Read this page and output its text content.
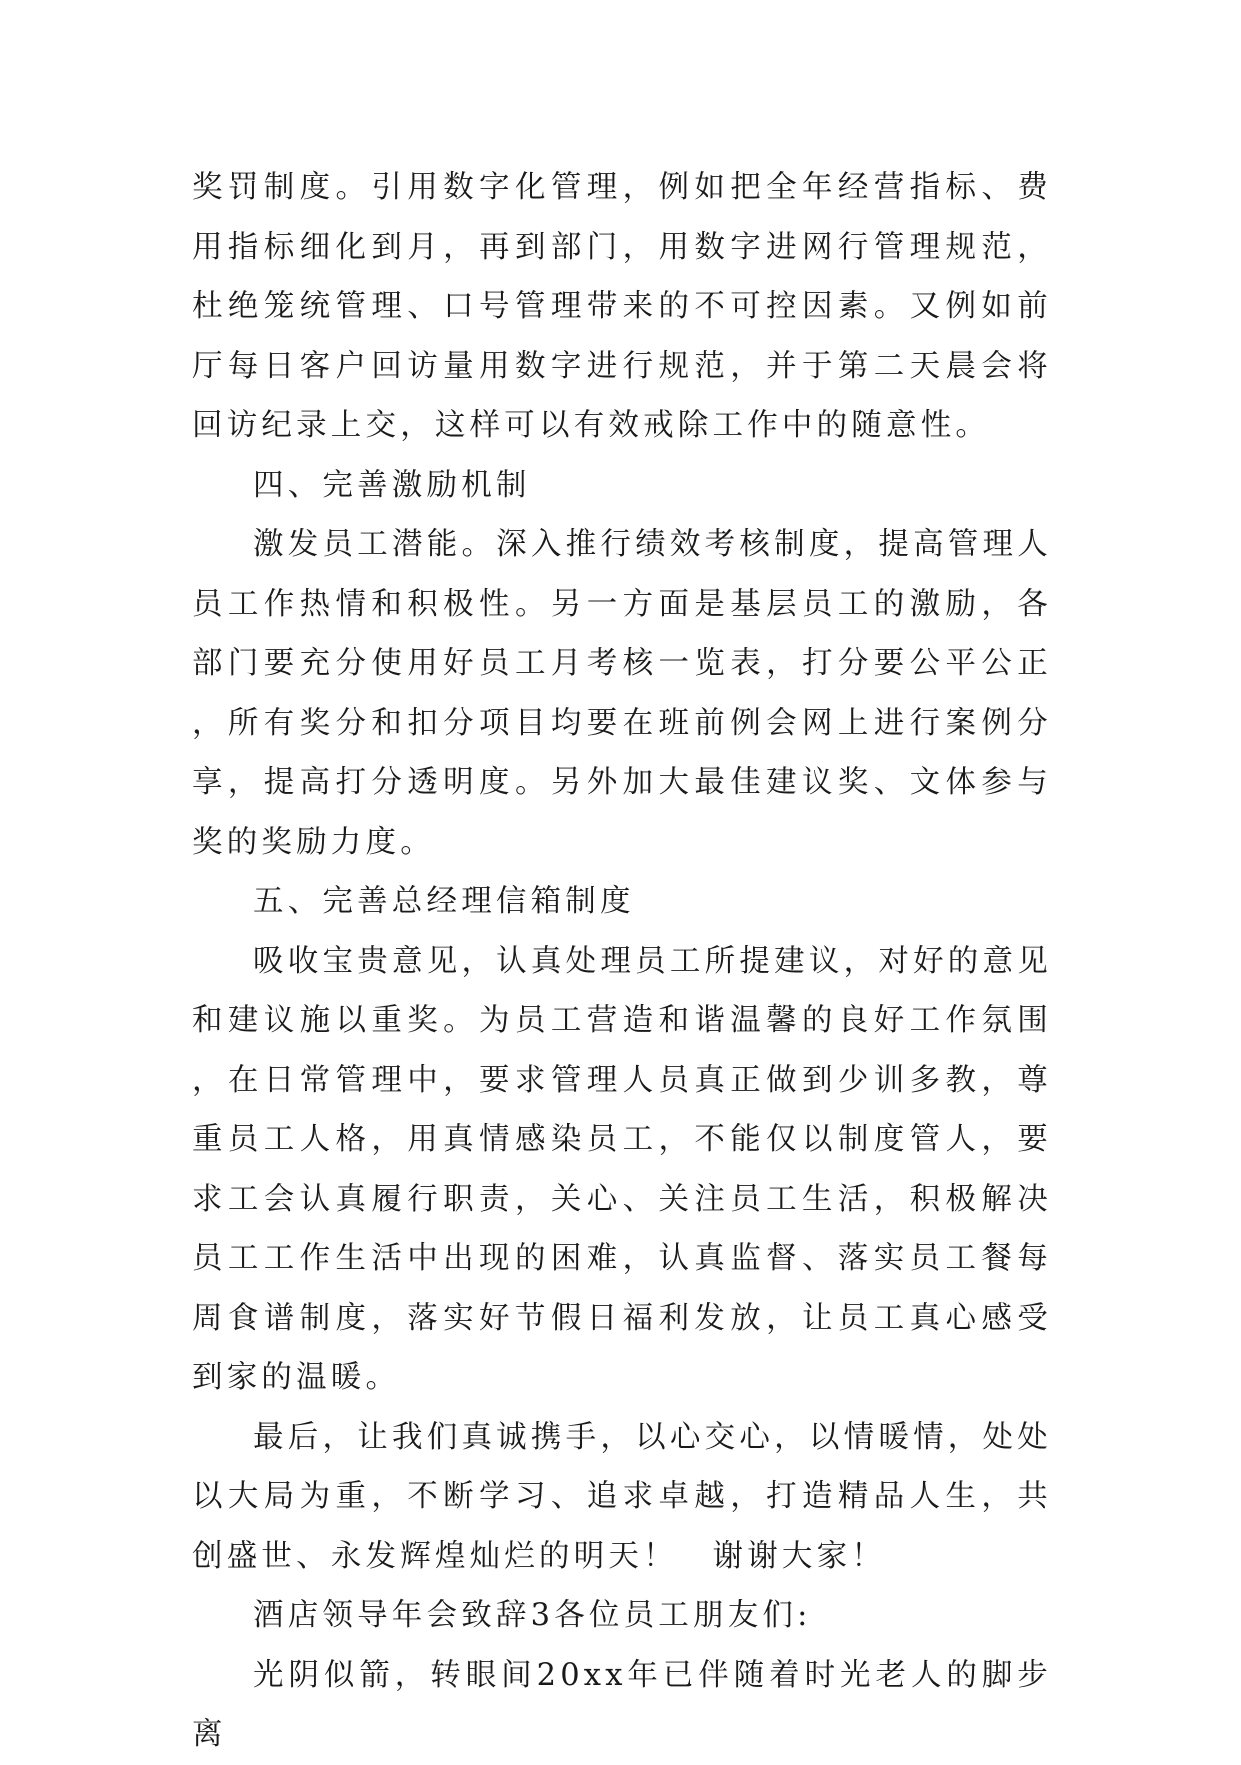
奖罚制度。引用数字化管理，例如把全年经营指标、费用指标细化到月，再到部门，用数字进网行管理规范，杜绝笼统管理、口号管理带来的不可控因素。又例如前厅每日客户回访量用数字进行规范，并于第二天晨会将回访纪录上交，这样可以有效戒除工作中的随意性。

四、完善激励机制

激发员工潜能。深入推行绩效考核制度，提高管理人员工作热情和积极性。另一方面是基层员工的激励，各部门要充分使用好员工月考核一览表，打分要公平公正，所有奖分和扣分项目均要在班前例会网上进行案例分享，提高打分透明度。另外加大最佳建议奖、文体参与奖的奖励力度。

五、完善总经理信箱制度

吸收宝贵意见，认真处理员工所提建议，对好的意见和建议施以重奖。为员工营造和谐温馨的良好工作氛围，在日常管理中，要求管理人员真正做到少训多教，尊重员工人格，用真情感染员工，不能仅以制度管人，要求工会认真履行职责，关心、关注员工生活，积极解决员工工作生活中出现的困难，认真监督、落实员工餐每周食谱制度，落实好节假日福利发放，让员工真心感受到家的温暖。

最后，让我们真诚携手，以心交心，以情暖情，处处以大局为重，不断学习、追求卓越，打造精品人生，共创盛世、永发辉煌灿烂的明天！　谢谢大家！

酒店领导年会致辞3各位员工朋友们:

光阴似箭，转眼间20xx年已伴随着时光老人的脚步离
